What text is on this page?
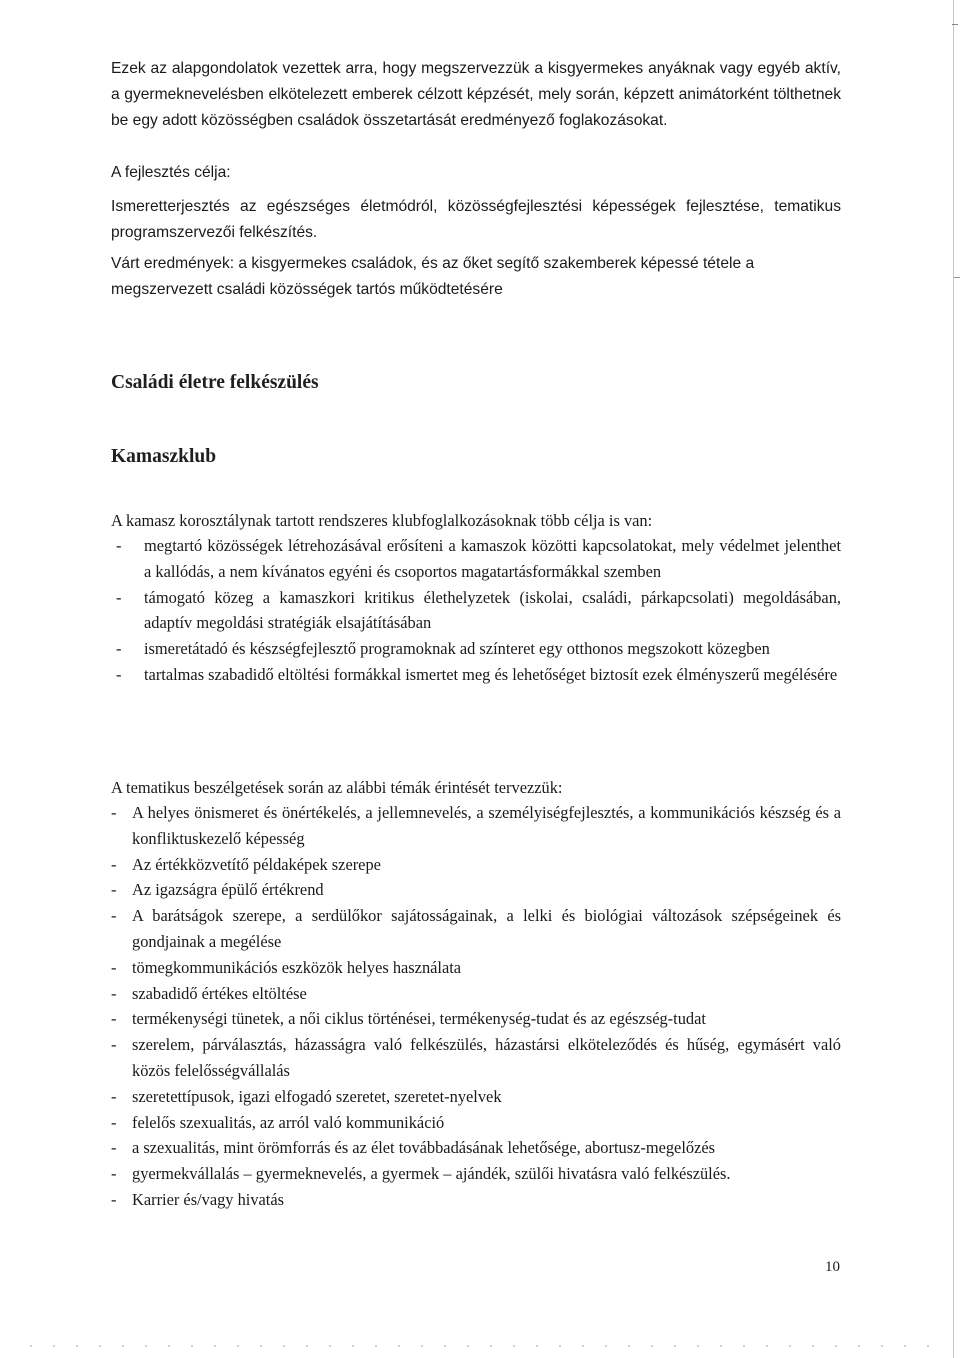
Ezek az alapgondolatok vezettek arra, hogy megszervezzük a kisgyermekes anyáknak vagy egyéb aktív, a gyermeknevelésben elkötelezett emberek célzott képzését, mely során, képzett animátorként tölthetnek be egy adott közösségben családok összetartását eredményező foglakozásokat.

A fejlesztés célja:

Ismeretterjesztés az egészséges életmódról, közösségfejlesztési képességek fejlesztése, tematikus programszervezői felkészítés.

Várt eredmények: a kisgyermekes családok, és az őket segítő szakemberek képessé tétele a megszervezett családi közösségek tartós működtetésére

Családi életre felkészülés
Kamaszklub

A kamasz korosztálynak tartott rendszeres klubfoglalkozásoknak több célja is van:

- megtartó közösségek létrehozásával erősíteni a kamaszok közötti kapcsolatokat, mely védelmet jelenthet a kallódás, a nem kívánatos egyéni és csoportos magatartásformákkal szemben
- támogató közeg a kamaszkori kritikus élethelyzetek (iskolai, családi, párkapcsolati) megoldásában, adaptív megoldási stratégiák elsajátításában
- ismeretátadó és készségfejlesztő programoknak ad színteret egy otthonos megszokott közegben
- tartalmas szabadidő eltöltési formákkal ismertet meg és lehetőséget biztosít ezek élményszerű megélésére

A tematikus beszélgetések során az alábbi témák érintését tervezzük:

- A helyes önismeret és önértékelés, a jellemnevelés, a személyiségfejlesztés, a kommunikációs készség és a konfliktuskezelő képesség
- Az értékközvetítő példaképek szerepe
- Az igazságra épülő értékrend
- A barátságok szerepe, a serdülőkor sajátosságainak, a lelki és biológiai változások szépségeinek és gondjainak a megélése
- tömegkommunikációs eszközök helyes használata
- szabadidő értékes eltöltése
- termékenységi tünetek, a női ciklus történései, termékenység-tudat és az egészség-tudat
- szerelem, párválasztás, házasságra való felkészülés, házastársi elköteleződés és hűség, egymásért való közös felelősségvállalás
- szeretettípusok, igazi elfogadó szeretet, szeretet-nyelvek
- felelős szexualitás, az arról való kommunikáció
- a szexualitás, mint örömforrás és az élet továbbadásának lehetősége, abortusz-megelőzés
- gyermekvállalás – gyermeknevelés, a gyermek – ajándék, szülői hivatásra való felkészülés.
- Karrier és/vagy hivatás
10
